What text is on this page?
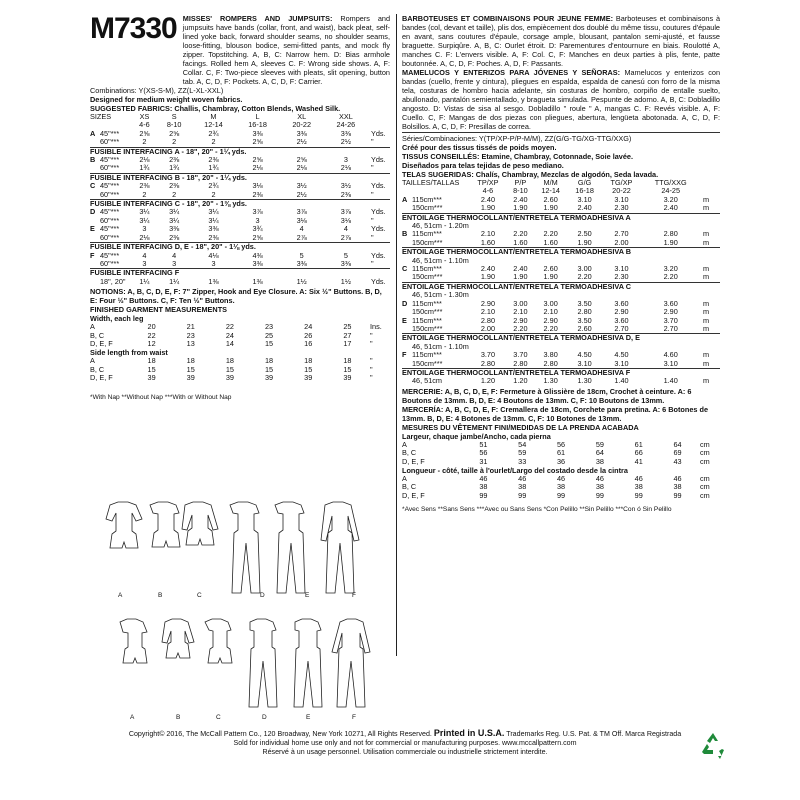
M7330 MISSES' ROMPERS AND JUMPSUITS: Rompers and jumpsuits have bands (collar, front, and waist), back pleat, self-lined yoke back, forward shoulder seams, no shoulder seams, loose-fitting, blouson bodice, semi-fitted pants, and mock fly zipper. Topstitching. A, B, C: Narrow hem. D: Bias armhole facings. Rolled hem A, sleeves C. F: Wrong side shows. A, F: Collar. C, F: Two-piece sleeves with pleats, slit opening, button tab. A, C, D, F: Pockets. A, C, D, F: Carrier.
Combinations: Y(XS-S-M), ZZ(L-XL-XXL)
Designed for medium weight woven fabrics.
SUGGESTED FABRICS: Challis, Chambray, Cotton Blends, Washed Silk.
SIZES	XS	S	M	L	XL	XXL	
	4-6	8-10	12-14	16-18	20-22	24-26	
A 45"***	2⅝	2⅝	2¾	3⅜	3⅜	3⅜	Yds.
60"***	2	2	2	2⅝	2½	2½	"
FUSIBLE INTERFACING A - 18", 20" - 1¼ yds.							
B 45"***	2⅛	2⅜	2⅜	2⅝	2⅝	3	Yds.
60"***	1¾	1¾	1¾	2⅛	2⅛	2⅛	"
FUSIBLE INTERFACING B - 18", 20" - 1¼ yds.							
C 45"***	2⅜	2⅜	2¾	3⅛	3½	3½	Yds.
60"***	2	2	2	2⅜	2½	2⅜	"
FUSIBLE INTERFACING C - 18", 20" - 1⅜ yds.							
D 45"***	3¼	3¼	3¼	3⅞	3⅞	3⅞	Yds.
60"***	3¼	3¼	3¼	3	3⅛	3⅛	"
E 45"***	3	3⅜	3⅜	3¾	4	4	Yds.
60"***	2⅛	2⅜	2⅜	2⅝	2⅞	2⅞	"
FUSIBLE INTERFACING D, E - 18", 20" - 1⅛ yds.							
F 45"***	4	4	4⅛	4⅜	5	5	Yds.
60"***	3	3	3	3⅜	3⅜	3⅜	"
FUSIBLE INTERFACING F							
18", 20"	1¼	1¼	1⅜	1⅜	1½	1½	Yds.
NOTIONS: A, B, C, D, E, F: 7" Zipper, Hook and Eye Closure. A: Six ½" Buttons. B, D, E: Four ½" Buttons. C, F: Ten ½" Buttons.
FINISHED GARMENT MEASUREMENTS
Width, each leg
A	20	21	22	23	24	25	Ins.
B, C	22	23	24	25	26	27	"
D, E, F	12	13	14	15	16	17	"
Side length from waist
A	18	18	18	18	18	18	"
B, C	15	15	15	15	15	15	"
D, E, F	39	39	39	39	39	39	"
*With Nap **Without Nap ***With or Without Nap
A	B	C	D	E	F
A	B	C	D	E	F
BARBOTEUSES ET COMBINAISONS POUR JEUNE FEMME: Barboteuses et combinaisons à bandes (col, devant et taille), plis dos, empiècement dos doublé du même tissu, coutures d'épaule en avant, sans coutures d'épaule, corsage ample, blousant, pantalon semi-ajusté, et fausse braguette. Surpiqûre. A, B, C: Ourlet étroit. D: Parementures d'entournure en biais. Roulotté A, manches C. F: L'envers visible. A, F: Col. C, F: Manches en deux parties à plis, fente, patte boutonnée. A, C, D, F: Poches. A, D, F: Passants.
MAMELUCOS Y ENTERIZOS PARA JÓVENES Y SEÑORAS: Mamelucos y enterizos con bandas (cuello, frente y cintura), pliegues en espalda, espalda de canesú con forro de la misma tela, costuras de hombro hacia adelante, sin costuras de hombro, corpiño de entalle suelto, abullonado, pantalón semientallado, y bragueta simulada. Pespunte de adorno. A, B, C: Dobladillo angosto. D: Vistas de sisa al sesgo. Dobladillo " roule " A, mangas C. F: Revés visible. A, F: Cuello. C, F: Mangas de dos piezas con pliegues, abertura, lengüeta abotonada. A, C, D, F: Bolsillos. A, C, D, F: Presillas de correa.
Séries/Combinaciones: Y(TP/XP-P/P-M/M), ZZ(G/G-TG/XG-TTG/XXG)
Créé pour des tissus tissés de poids moyen.
TISSUS CONSEILLÉS: Etamine, Chambray, Cotonnade, Soie lavée.
Diseñados para telas tejidas de peso mediano.
TELAS SUGERIDAS: Chalís, Chambray, Mezclas de algodón, Seda lavada.
TAILLES/TALLAS	TP/XP	P/P	M/M	G/G	TG/XP	TTG/XXG	
	4-6	8-10	12-14	16-18	20-22	24-25	
A 115cm***	2.40	2.40	2.60	3.10	3.10	3.20	m
150cm***	1.90	1.90	1.90	2.40	2.30	2.40	m
ENTOILAGE THERMOCOLLANT/ENTRETELA TERMOADHESIVA A							
46, 51cm - 1.20m							
B 115cm***	2.10	2.20	2.20	2.50	2.70	2.80	m
150cm***	1.60	1.60	1.60	1.90	2.00	1.90	m
ENTOILAGE THERMOCOLLANT/ENTRETELA TERMOADHESIVA B							
46, 51cm - 1.10m							
C 115cm***	2.40	2.40	2.60	3.00	3.10	3.20	m
150cm***	1.90	1.90	1.90	2.20	2.30	2.20	m
ENTOILAGE THERMOCOLLANT/ENTRETELA TERMOADHESIVA C							
46, 51cm - 1.30m							
D 115cm***	2.90	3.00	3.00	3.50	3.60	3.60	m
150cm***	2.10	2.10	2.10	2.80	2.90	2.90	m
E 115cm***	2.80	2.90	2.90	3.50	3.60	3.70	m
150cm***	2.00	2.20	2.20	2.60	2.70	2.70	m
ENTOILAGE THERMOCOLLANT/ENTRETELA TERMOADHESIVA D, E							
46, 51cm - 1.10m							
F 115cm***	3.70	3.70	3.80	4.50	4.50	4.60	m
150cm***	2.80	2.80	2.80	3.10	3.10	3.10	m
ENTOILAGE THERMOCOLLANT/ENTRETELA TERMOADHESIVA F							
46, 51cm	1.20	1.20	1.30	1.30	1.40	1.40	m
MERCERIE: A, B, C, D, E, F: Fermeture à Glissière de 18cm, Crochet à ceinture. A: 6 Boutons de 13mm. B, D, E: 4 Boutons de 13mm. C, F: 10 Boutons de 13mm.
MERCERÍA: A, B, C, D, E, F: Cremallera de 18cm, Corchete para pretina. A: 6 Botones de 13mm. B, D, E: 4 Botones de 13mm. C, F: 10 Botones de 13mm.
MESURES DU VÊTEMENT FINI/MEDIDAS DE LA PRENDA ACABADA
Largeur, chaque jambe/Ancho, cada pierna
A	51	54	56	59	61	64	cm
B, C	56	59	61	64	66	69	cm
D, E, F	31	33	36	38	41	43	cm
Longueur - côté, taille à l'ourlet/Largo del costado desde la cintra
A	46	46	46	46	46	46	cm
B, C	38	38	38	38	38	38	cm
D, E, F	99	99	99	99	99	99	cm
*Avec Sens **Sans Sens ***Avec ou Sans Sens *Con Pelillo **Sin Pelillo ***Con ó Sin Pelillo
Copyright© 2016, The McCall Pattern Co., 120 Broadway, New York 10271, All Rights Reserved. Printed in U.S.A. Trademarks Reg. U.S. Pat. & TM Off. Marca Registrada
Sold for individual home use only and not for commercial or manufacturing purposes. www.mccallpattern.com
Réservé à un usage personnel. Utilisation commerciale ou industrielle strictement interdite.
